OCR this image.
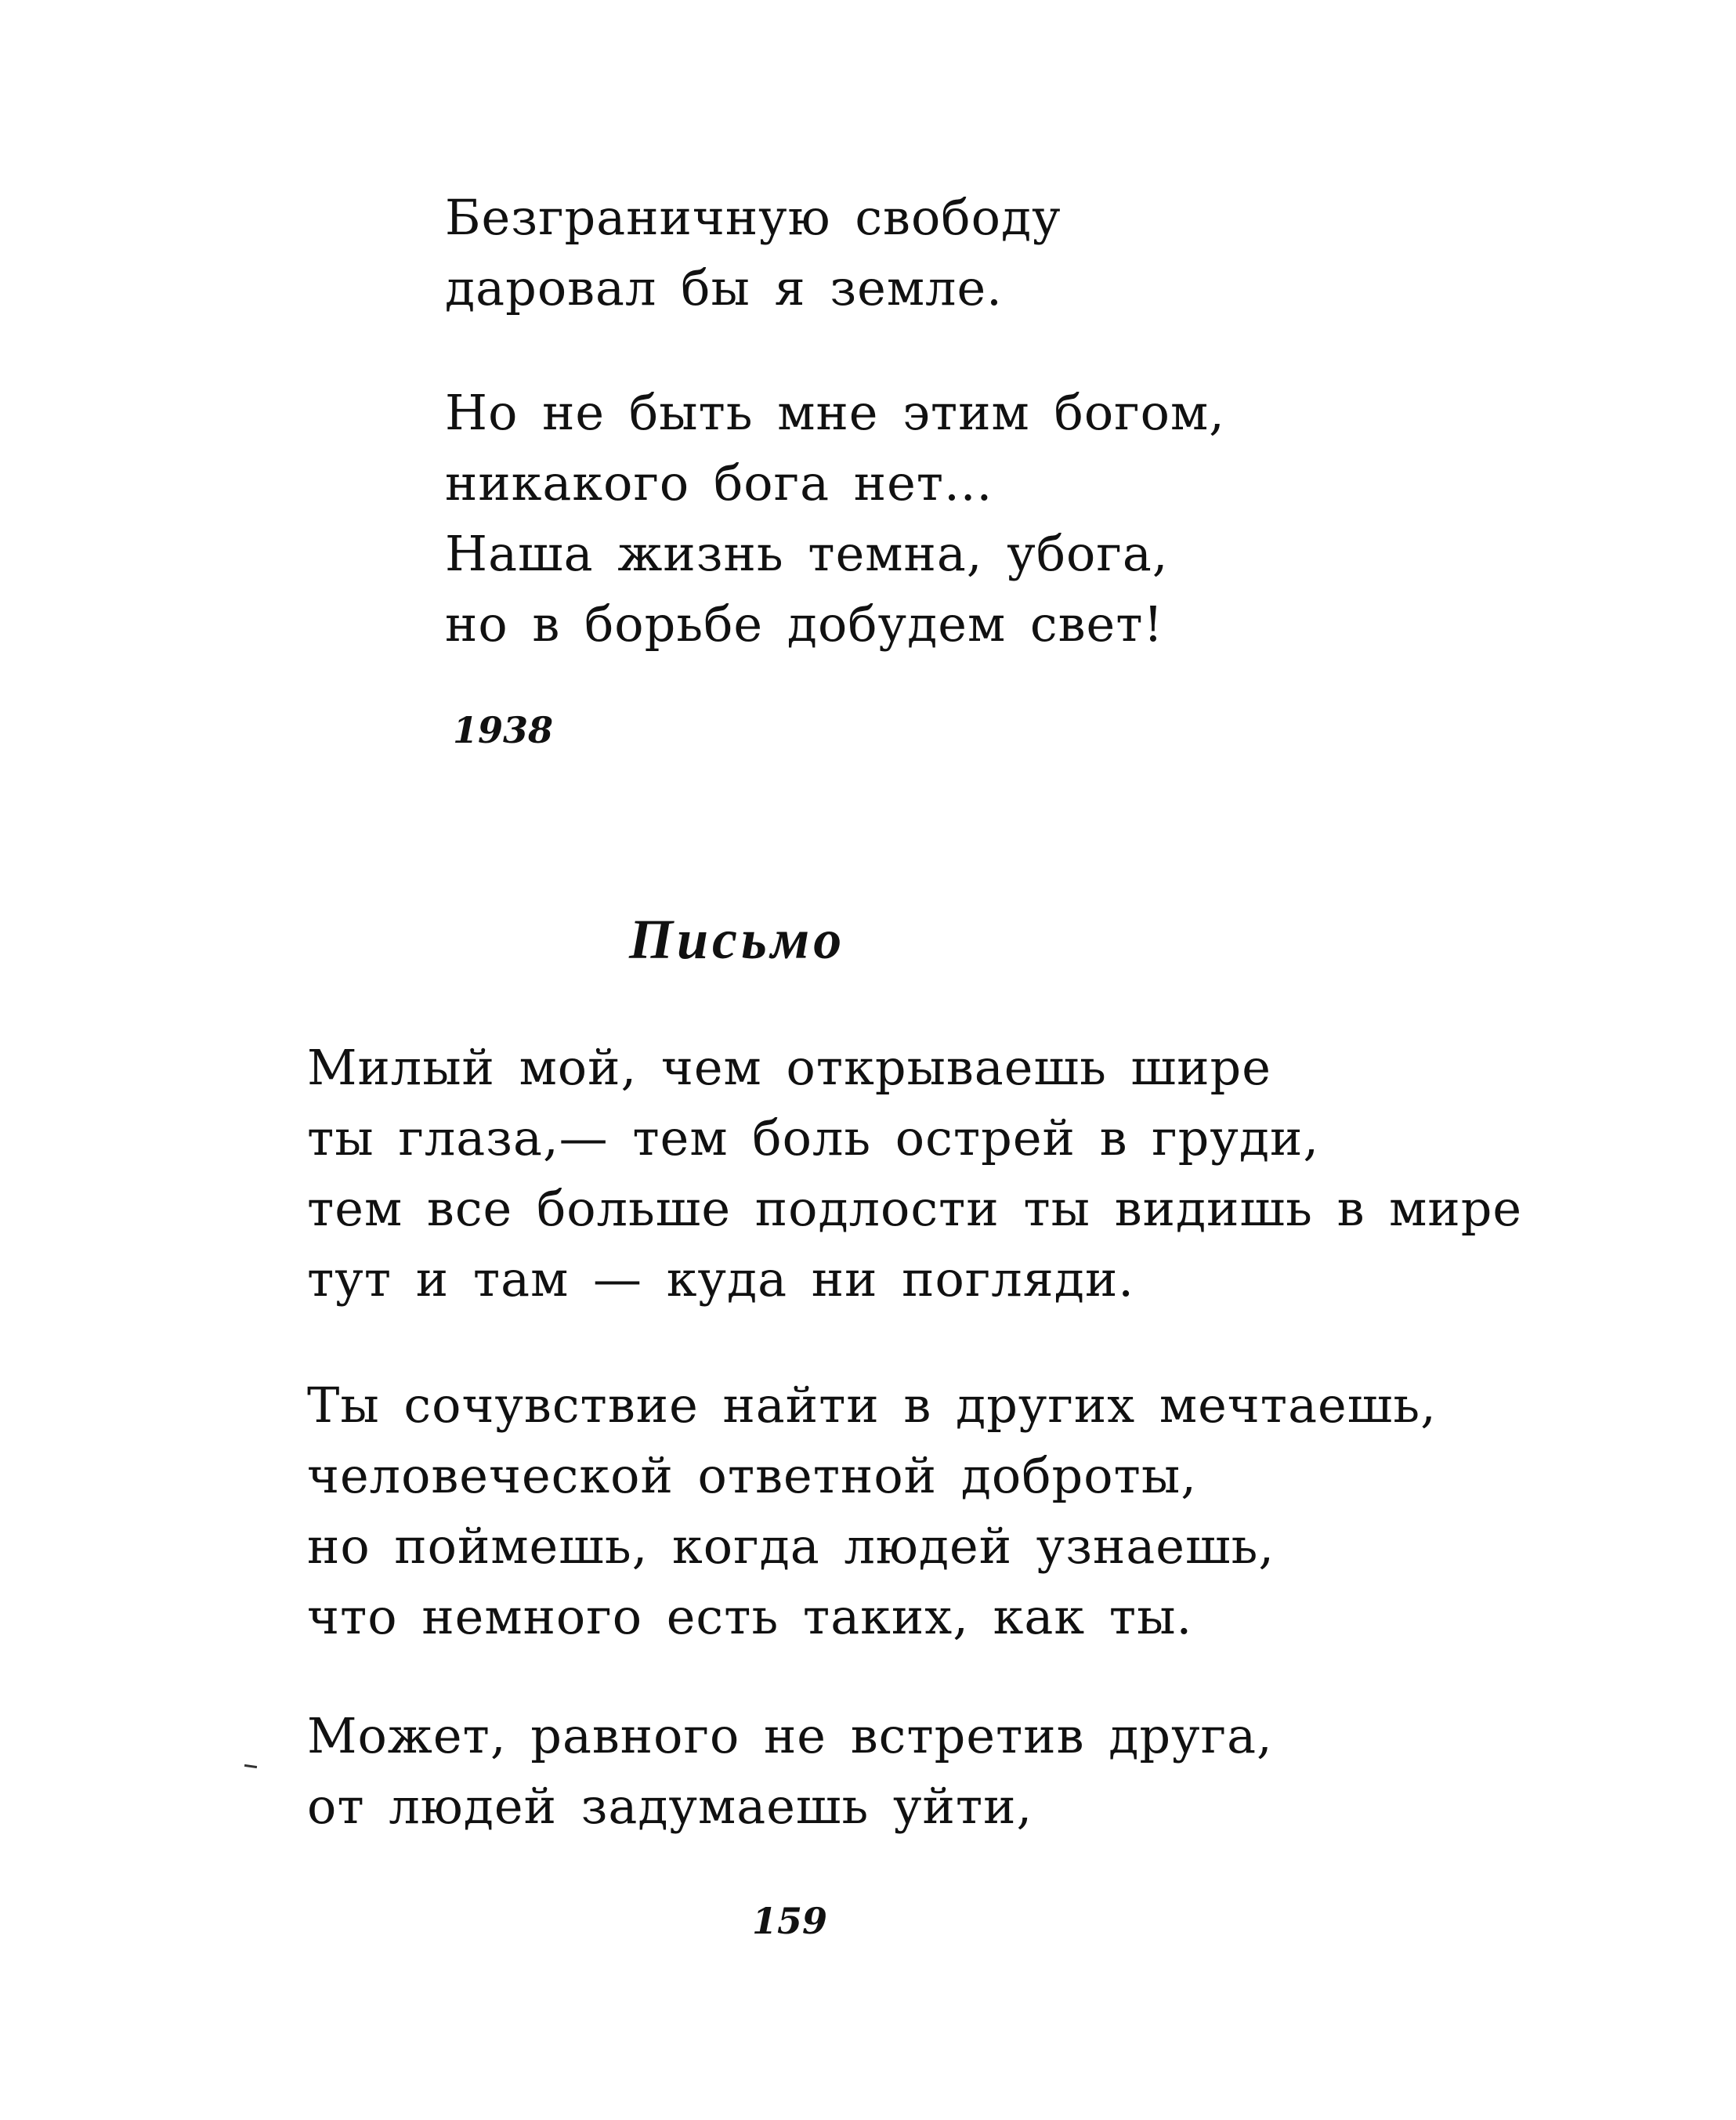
Безграничную свободу
даровал бы я земле.
Но не быть мне этим богом,
никакого бога нет...
Наша жизнь темна, убога,
но в борьбе добудем свет!
1938
Письмо
Милый мой, чем открываешь шире
ты глаза,— тем боль острей в груди,
тем все больше подлости ты видишь в мире
тут и там — куда ни погляди.
Ты сочувствие найти в других мечтаешь,
человеческой ответной доброты,
но поймешь, когда людей узнаешь,
что немного есть таких, как ты.
Может, равного не встретив друга,
от людей задумаешь уйти,
159
